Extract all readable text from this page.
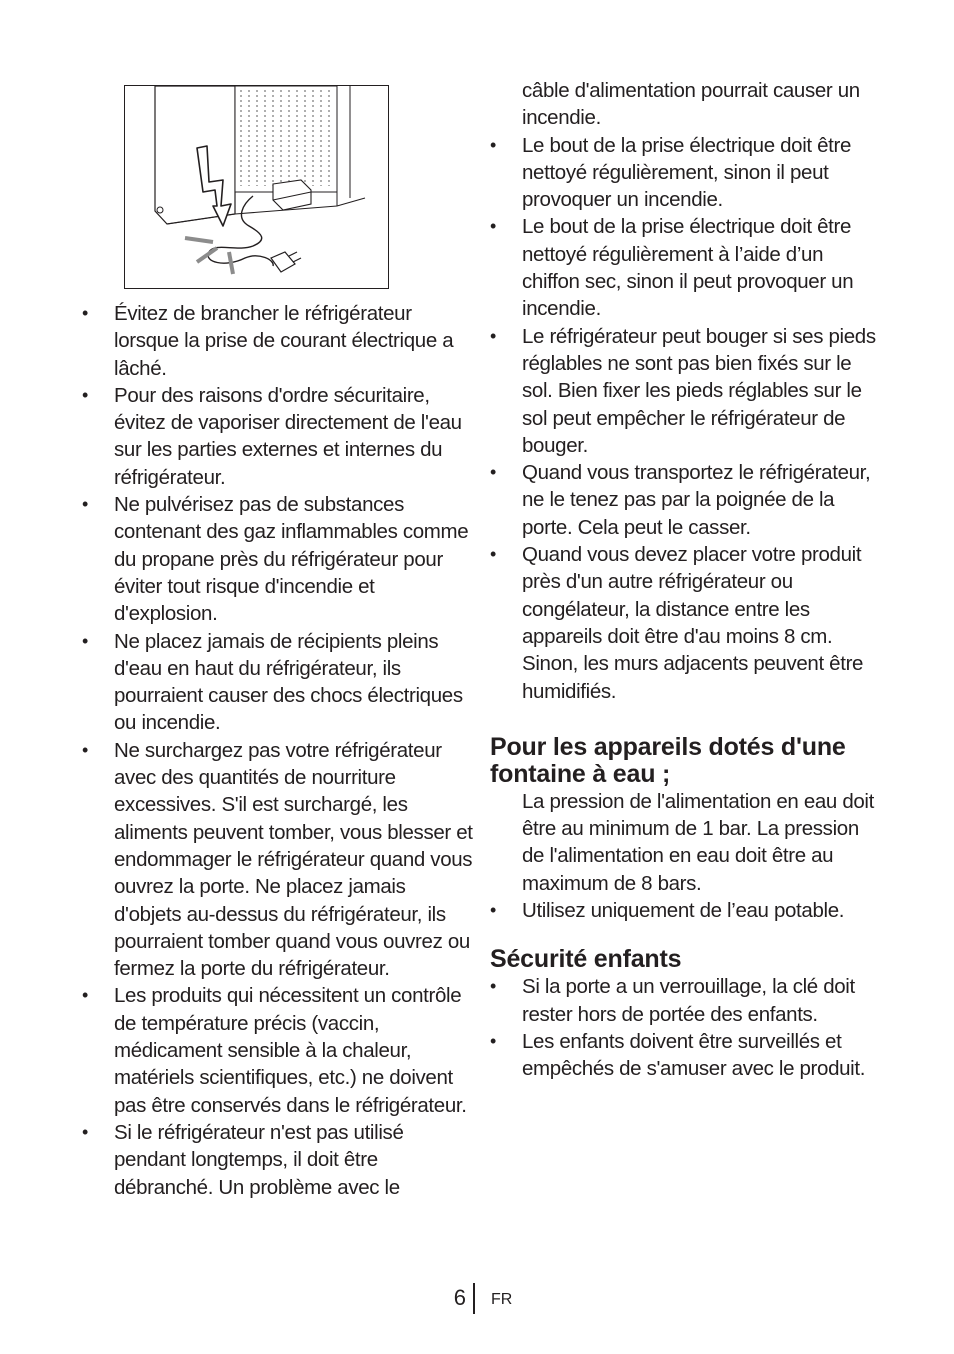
• Évitez de brancher le réfrigérateur lorsque la prise de courant électrique a lâché.
• Pour des raisons d'ordre sécuritaire, évitez de vaporiser directement de l'eau sur les parties externes et internes du réfrigérateur.
• Ne pulvérisez pas de substances contenant des gaz inflammables comme du propane près du réfrigérateur pour éviter tout risque d'incendie et d'explosion.
• Ne placez jamais de récipients pleins d'eau en haut du réfrigérateur, ils pourraient causer des chocs électriques ou incendie.
• Ne surchargez pas votre réfrigérateur avec des quantités de nourriture excessives. S'il est surchargé, les aliments peuvent tomber, vous blesser et endommager le réfrigérateur quand vous ouvrez la porte. Ne placez jamais d'objets au-dessus du réfrigérateur, ils pourraient tomber quand vous ouvrez ou fermez la porte du réfrigérateur.
• Les produits qui nécessitent un contrôle de température précis (vaccin, médicament sensible à la chaleur, matériels scientifiques, etc.) ne doivent pas être conservés dans le réfrigérateur.
• Si le réfrigérateur n'est pas utilisé pendant longtemps, il doit être débranché. Un problème avec le

câble d'alimentation pourrait causer un incendie.

• Le bout de la prise électrique doit être nettoyé régulièrement, sinon il peut provoquer un incendie.
• Le bout de la prise électrique doit être nettoyé régulièrement à l’aide d’un chiffon sec, sinon il peut provoquer un incendie.
• Le réfrigérateur peut bouger si ses pieds réglables ne sont pas bien fixés sur le sol. Bien fixer les pieds réglables sur le sol peut empêcher le réfrigérateur de bouger.
• Quand vous transportez le réfrigérateur, ne le tenez pas par la poignée de la porte. Cela peut le casser.
• Quand vous devez placer votre produit près d'un autre réfrigérateur ou congélateur, la distance entre les appareils doit être d'au moins 8 cm. Sinon, les murs adjacents peuvent être humidifiés.
Pour les appareils dotés d'une fontaine à eau ;

La pression de l'alimentation en eau doit être au minimum de 1 bar. La pression de l'alimentation en eau doit être au maximum de 8 bars.

• Utilisez uniquement de l’eau potable.
Sécurité enfants
• Si la porte a un verrouillage, la clé doit rester hors de portée des enfants.
• Les enfants doivent être surveillés et empêchés de s'amuser avec le produit.
6 FR
